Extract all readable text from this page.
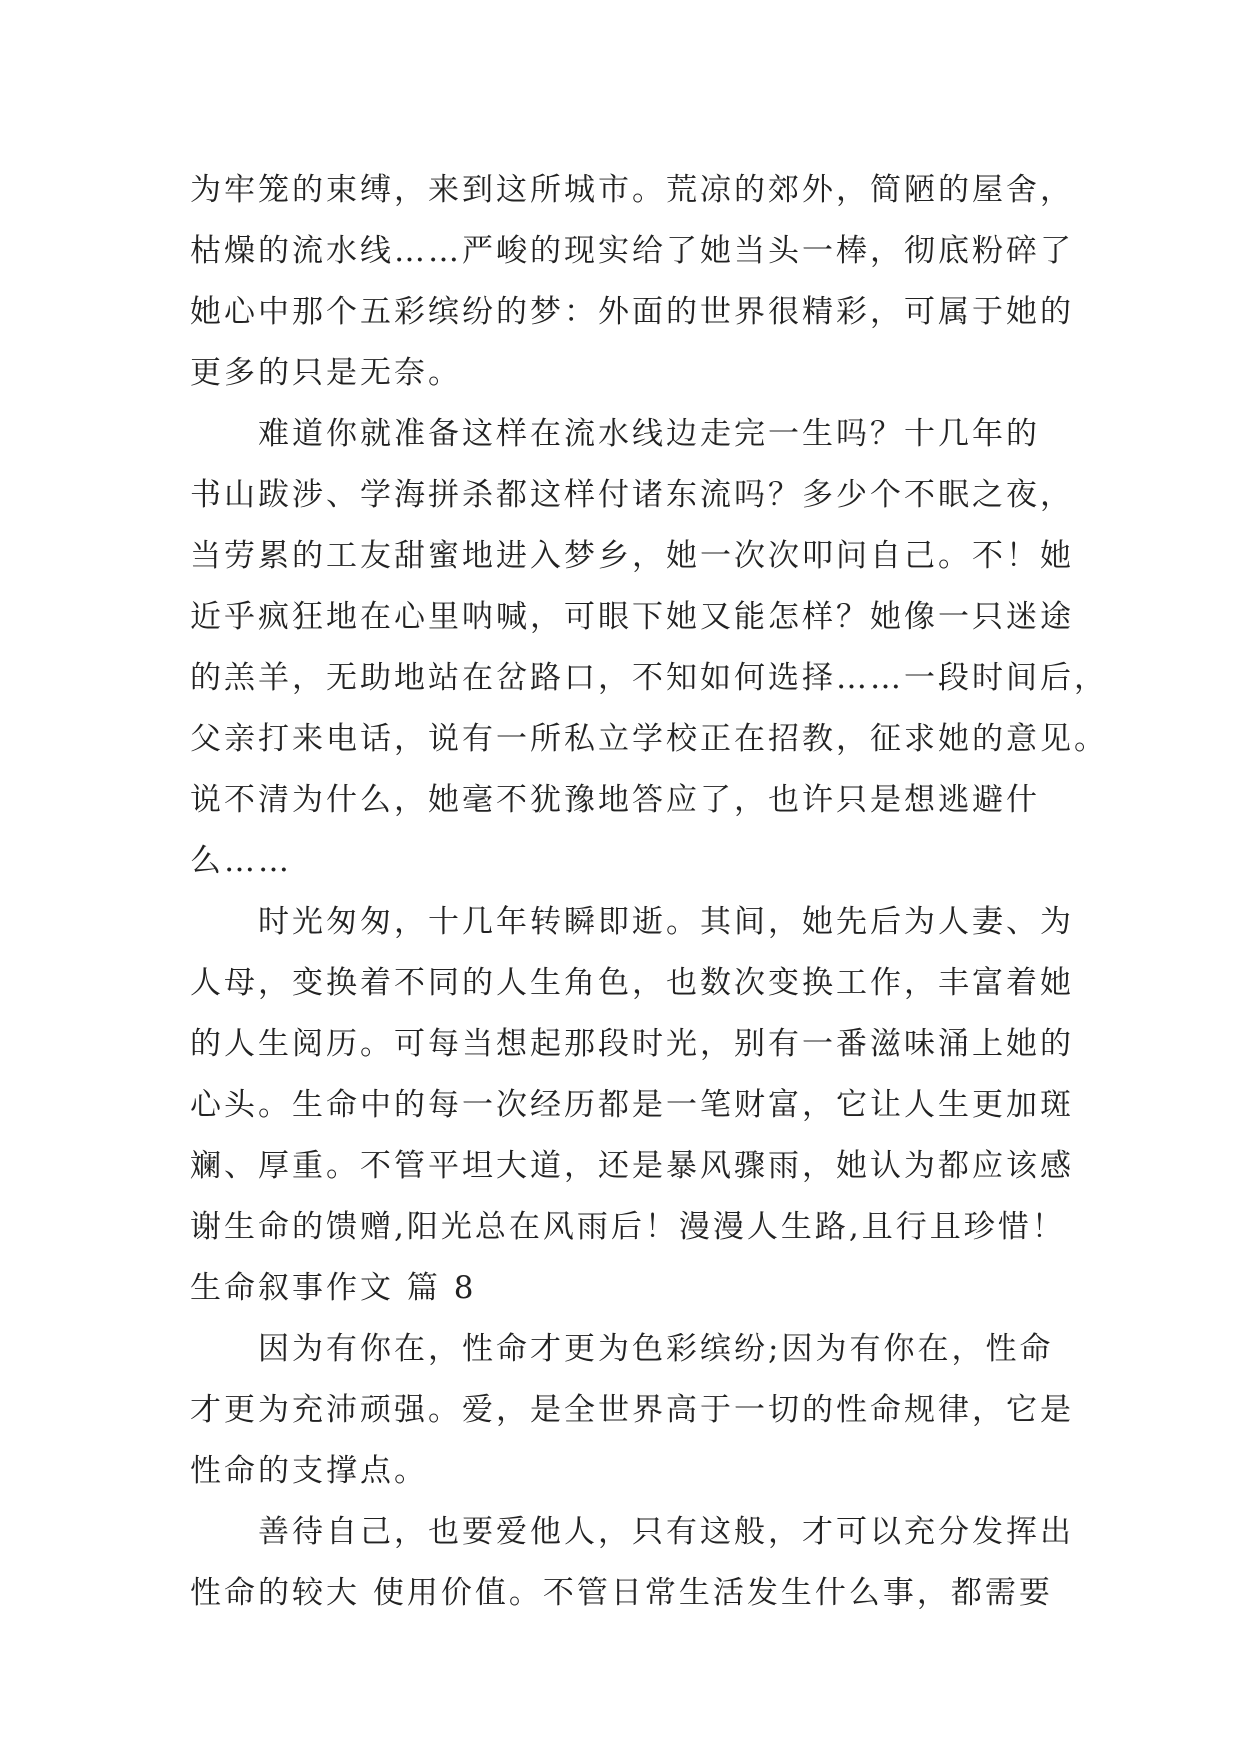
为牢笼的束缚，来到这所城市。荒凉的郊外，简陋的屋舍，
枯燥的流水线……严峻的现实给了她当头一棒，彻底粉碎了
她心中那个五彩缤纷的梦：外面的世界很精彩，可属于她的
更多的只是无奈。
难道你就准备这样在流水线边走完一生吗？十几年的
书山跋涉、学海拼杀都这样付诸东流吗？多少个不眠之夜，
当劳累的工友甜蜜地进入梦乡，她一次次叩问自己。不！她
近乎疯狂地在心里呐喊，可眼下她又能怎样？她像一只迷途
的羔羊，无助地站在岔路口，不知如何选择……一段时间后，
父亲打来电话，说有一所私立学校正在招教，征求她的意见。
说不清为什么，她毫不犹豫地答应了，也许只是想逃避什
么……
时光匆匆，十几年转瞬即逝。其间，她先后为人妻、为
人母，变换着不同的人生角色，也数次变换工作，丰富着她
的人生阅历。可每当想起那段时光，别有一番滋味涌上她的
心头。生命中的每一次经历都是一笔财富，它让人生更加斑
斓、厚重。不管平坦大道，还是暴风骤雨，她认为都应该感
谢生命的馈赠,阳光总在风雨后！漫漫人生路,且行且珍惜！
生命叙事作文 篇 8
因为有你在，性命才更为色彩缤纷;因为有你在，性命
才更为充沛顽强。爱，是全世界高于一切的性命规律，它是
性命的支撑点。
善待自己，也要爱他人，只有这般，才可以充分发挥出
性命的较大 使用价值。不管日常生活发生什么事，都需要
